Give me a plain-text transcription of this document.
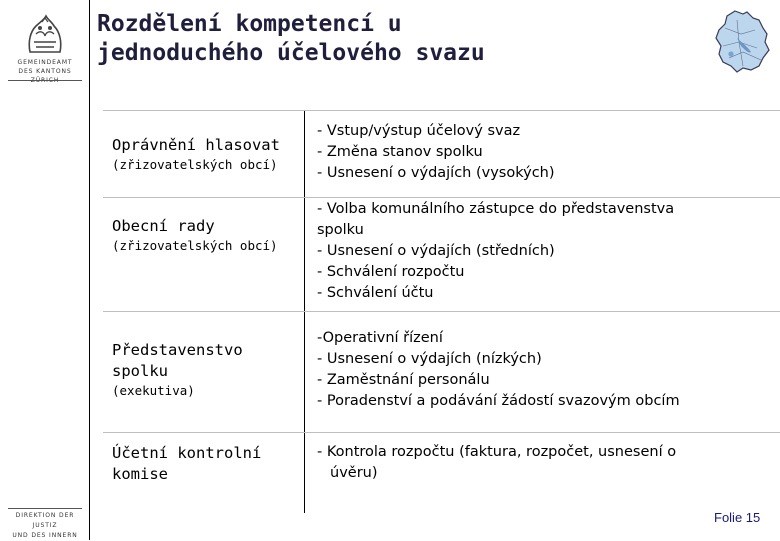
GEMEINDEAMT
DES KANTONS ZÜRICH
DIREKTION DER JUSTIZ
UND DES INNERN
Rozdělení kompetencí u
jednoduchého účelového svazu
Oprávnění hlasovat
(zřizovatelských obcí)
- Vstup/výstup účelový svaz
- Změna stanov spolku
- Usnesení o výdajích (vysokých)
Obecní rady
(zřizovatelských obcí)
- Volba komunálního zástupce do představenstva
spolku
- Usnesení o výdajích (středních)
- Schválení rozpočtu
- Schválení účtu
Představenstvo
spolku
(exekutiva)
-Operativní řízení
- Usnesení o výdajích (nízkých)
- Zaměstnání personálu
- Poradenství a podávání žádostí svazovým obcím
Účetní kontrolní
komise
- Kontrola rozpočtu (faktura, rozpočet, usnesení o
úvěru)
Folie 15
